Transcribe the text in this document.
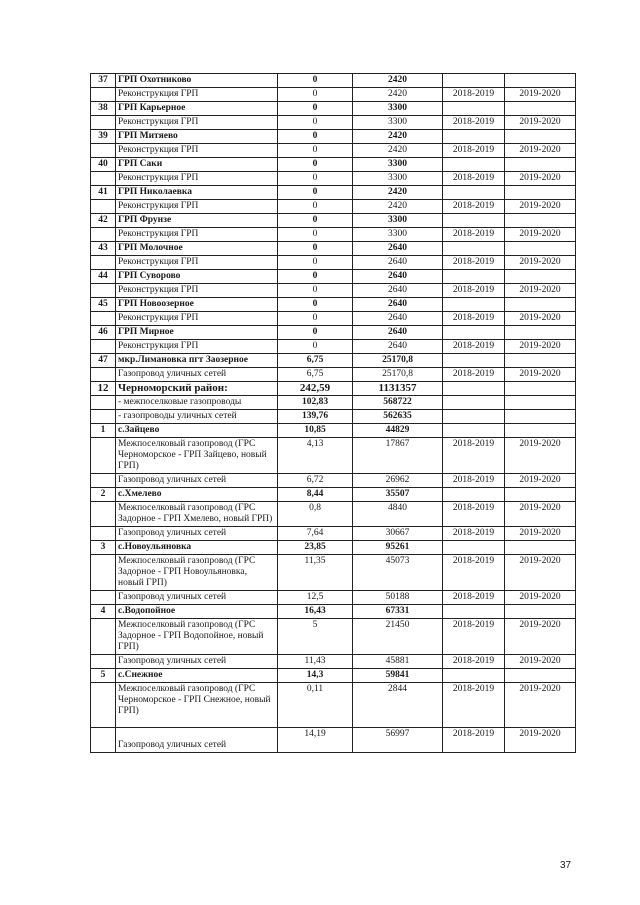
37	ГРП Охотниково	0	2420		
	Реконструкция ГРП	0	2420	2018-2019	2019-2020
38	ГРП Карьерное	0	3300		
	Реконструкция ГРП	0	3300	2018-2019	2019-2020
39	ГРП Митяево	0	2420		
	Реконструкция ГРП	0	2420	2018-2019	2019-2020
40	ГРП Саки	0	3300		
	Реконструкция ГРП	0	3300	2018-2019	2019-2020
41	ГРП Николаевка	0	2420		
	Реконструкция ГРП	0	2420	2018-2019	2019-2020
42	ГРП Фрунзе	0	3300		
	Реконструкция ГРП	0	3300	2018-2019	2019-2020
43	ГРП Молочное	0	2640		
	Реконструкция ГРП	0	2640	2018-2019	2019-2020
44	ГРП Суворово	0	2640		
	Реконструкция ГРП	0	2640	2018-2019	2019-2020
45	ГРП Новоозерное	0	2640		
	Реконструкция ГРП	0	2640	2018-2019	2019-2020
46	ГРП Мирное	0	2640		
	Реконструкция ГРП	0	2640	2018-2019	2019-2020
47	мкр.Лимановка пгт Заозерное	6,75	25170,8		
	Газопровод уличных сетей	6,75	25170,8	2018-2019	2019-2020
12	Черноморский район:	242,59	1131357		
	- межпоселковые газопроводы	102,83	568722		
	- газопроводы уличных сетей	139,76	562635		
1	с.Зайцево	10,85	44829		
	Межпоселковый газопровод (ГРС Черноморское - ГРП Зайцево, новый ГРП)	4,13	17867	2018-2019	2019-2020
	Газопровод уличных сетей	6,72	26962	2018-2019	2019-2020
2	с.Хмелево	8,44	35507		
	Межпоселковый газопровод (ГРС Задорное - ГРП Хмелево, новый ГРП)	0,8	4840	2018-2019	2019-2020
	Газопровод уличных сетей	7,64	30667	2018-2019	2019-2020
3	с.Новоульяновка	23,85	95261		
	Межпоселковый газопровод (ГРС Задорное - ГРП Новоульяновка, новый ГРП)	11,35	45073	2018-2019	2019-2020
	Газопровод уличных сетей	12,5	50188	2018-2019	2019-2020
4	с.Водопойное	16,43	67331		
	Межпоселковый газопровод (ГРС Задорное - ГРП Водопойное, новый ГРП)	5	21450	2018-2019	2019-2020
	Газопровод уличных сетей	11,43	45881	2018-2019	2019-2020
5	с.Снежное	14,3	59841		
	Межпоселковый газопровод (ГРС Черноморское - ГРП Снежное, новый ГРП)	0,11	2844	2018-2019	2019-2020
	Газопровод уличных сетей	14,19	56997	2018-2019	2019-2020
37
